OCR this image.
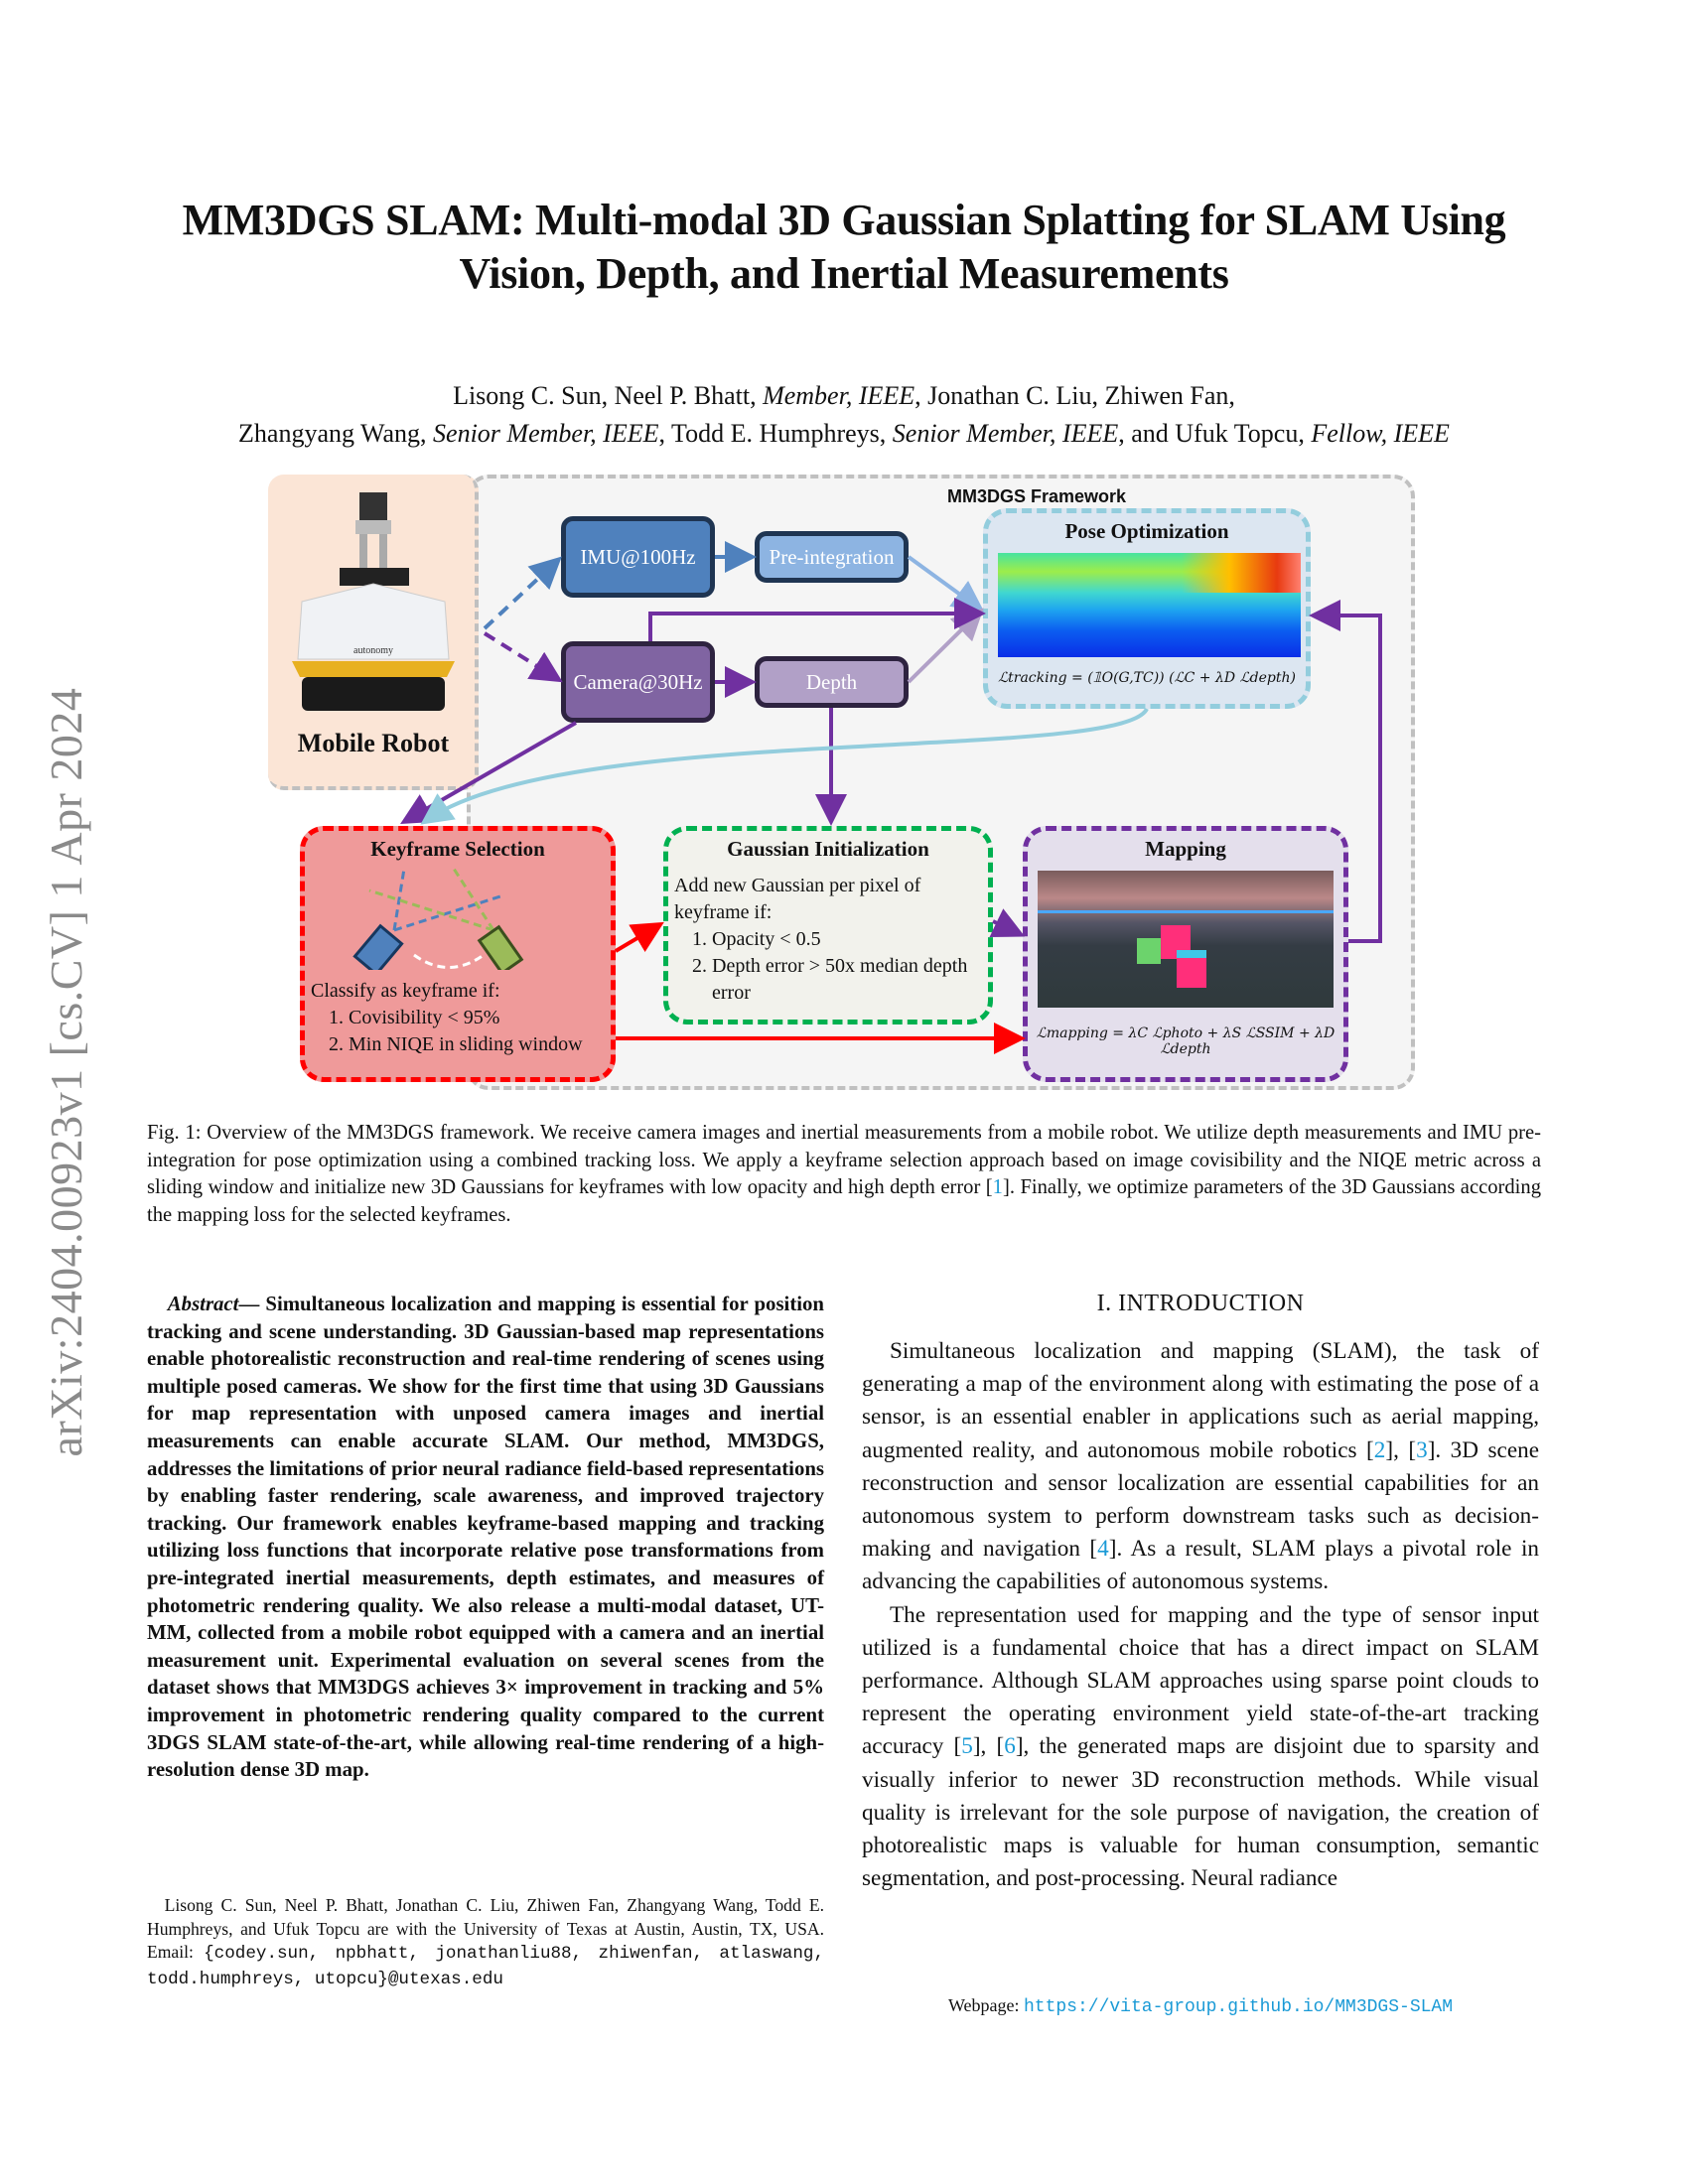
arXiv:2404.00923v1 [cs.CV] 1 Apr 2024
MM3DGS SLAM: Multi-modal 3D Gaussian Splatting for SLAM Using
Vision, Depth, and Inertial Measurements
Lisong C. Sun, Neel P. Bhatt, Member, IEEE, Jonathan C. Liu, Zhiwen Fan,
Zhangyang Wang, Senior Member, IEEE, Todd E. Humphreys, Senior Member, IEEE, and Ufuk Topcu, Fellow, IEEE
MM3DGS Framework
autonomy
Mobile Robot
IMU@100Hz	Pre-integration
Camera@30Hz	Depth
Pose Optimization
ℒtracking = (𝟙O(G,TC)) (ℒC + λD ℒdepth)
Keyframe Selection
Classify as keyframe if:
1. Covisibility < 95%
2. Min NIQE in sliding window
Gaussian Initialization
Add new Gaussian per pixel of keyframe if:
1. Opacity < 0.5
2. Depth error > 50x median depth error
Mapping
ℒmapping = λC ℒphoto + λS ℒSSIM + λD ℒdepth
Fig. 1: Overview of the MM3DGS framework. We receive camera images and inertial measurements from a mobile robot. We utilize depth measurements and IMU pre-integration for pose optimization using a combined tracking loss. We apply a keyframe selection approach based on image covisibility and the NIQE metric across a sliding window and initialize new 3D Gaussians for keyframes with low opacity and high depth error [1]. Finally, we optimize parameters of the 3D Gaussians according the mapping loss for the selected keyframes.
 Abstract— Simultaneous localization and mapping is essential for position tracking and scene understanding. 3D Gaussian-based map representations enable photorealistic reconstruction and real-time rendering of scenes using multiple posed cameras. We show for the first time that using 3D Gaussians for map representation with unposed camera images and inertial measurements can enable accurate SLAM. Our method, MM3DGS, addresses the limitations of prior neural radiance field-based representations by enabling faster rendering, scale awareness, and improved trajectory tracking. Our framework enables keyframe-based mapping and tracking utilizing loss functions that incorporate relative pose transformations from pre-integrated inertial measurements, depth estimates, and measures of photometric rendering quality. We also release a multi-modal dataset, UT-MM, collected from a mobile robot equipped with a camera and an inertial measurement unit. Experimental evaluation on several scenes from the dataset shows that MM3DGS achieves 3× improvement in tracking and 5% improvement in photometric rendering quality compared to the current 3DGS SLAM state-of-the-art, while allowing real-time rendering of a high-resolution dense 3D map.
 Lisong C. Sun, Neel P. Bhatt, Jonathan C. Liu, Zhiwen Fan, Zhangyang Wang, Todd E. Humphreys, and Ufuk Topcu are with the University of Texas at Austin, Austin, TX, USA. Email: {codey.sun, npbhatt, jonathanliu88, zhiwenfan, atlaswang, todd.humphreys, utopcu}@utexas.edu
I. INTRODUCTION

Simultaneous localization and mapping (SLAM), the task of generating a map of the environment along with estimating the pose of a sensor, is an essential enabler in applications such as aerial mapping, augmented reality, and autonomous mobile robotics [2], [3]. 3D scene reconstruction and sensor localization are essential capabilities for an autonomous system to perform downstream tasks such as decision-making and navigation [4]. As a result, SLAM plays a pivotal role in advancing the capabilities of autonomous systems.

The representation used for mapping and the type of sensor input utilized is a fundamental choice that has a direct impact on SLAM performance. Although SLAM approaches using sparse point clouds to represent the operating environment yield state-of-the-art tracking accuracy [5], [6], the generated maps are disjoint due to sparsity and visually inferior to newer 3D reconstruction methods. While visual quality is irrelevant for the sole purpose of navigation, the creation of photorealistic maps is valuable for human consumption, semantic segmentation, and post-processing. Neural radiance

Webpage: https://vita-group.github.io/MM3DGS-SLAM
